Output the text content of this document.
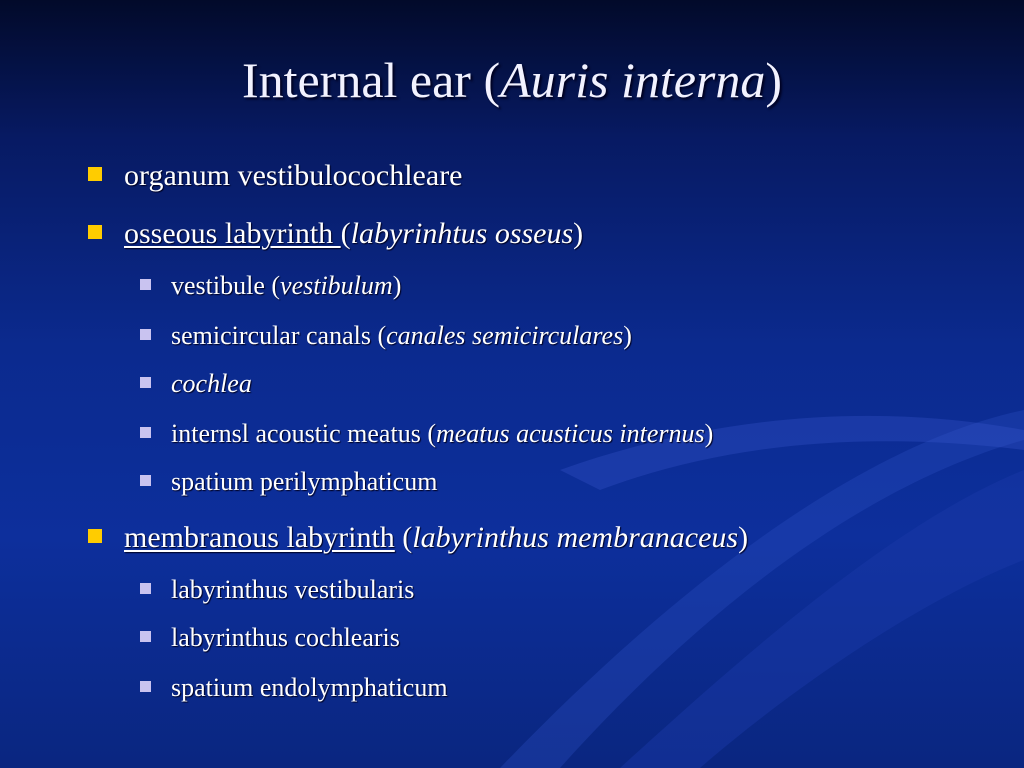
Internal ear (Auris interna)
organum vestibulocochleare
osseous labyrinth (labyrinhtus osseus)
vestibule (vestibulum)
semicircular canals (canales semicirculares)
cochlea
internsl acoustic meatus (meatus acusticus internus)
spatium perilymphaticum
membranous labyrinth (labyrinthus membranaceus)
labyrinthus vestibularis
labyrinthus cochlearis
spatium endolymphaticum
